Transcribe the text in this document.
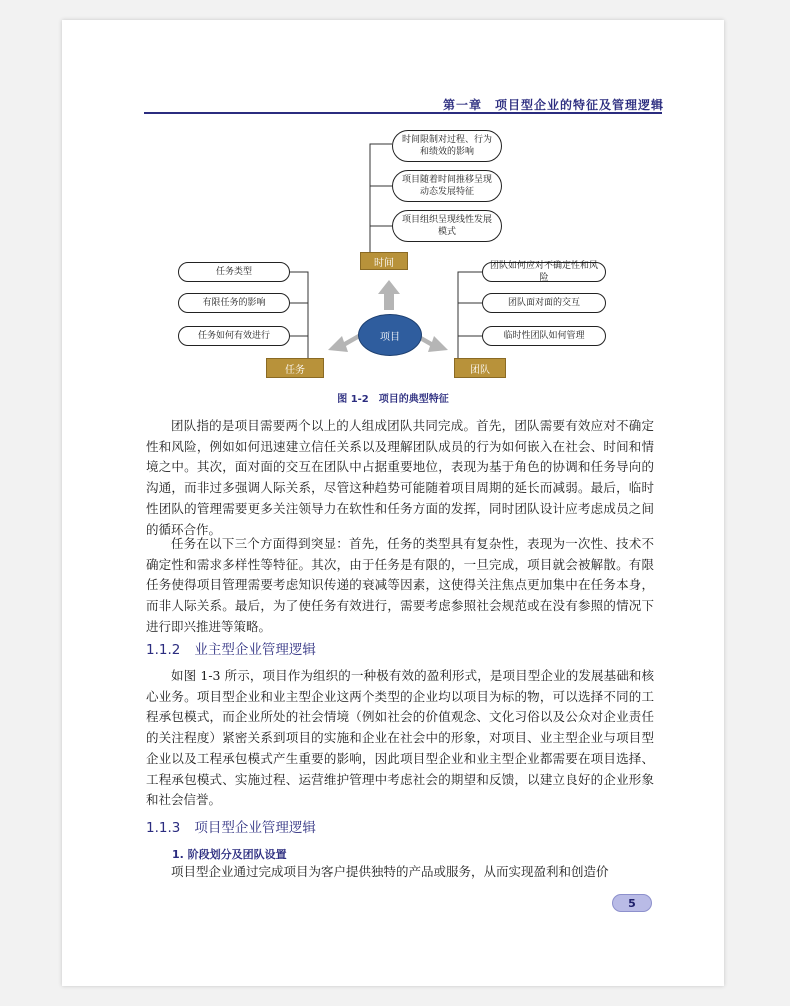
第一章　项目型企业的特征及管理逻辑
时间限制对过程、行为和绩效的影响
项目随着时间推移呈现动态发展特征
项目组织呈现线性发展模式
时间
任务类型
有限任务的影响
任务如何有效进行
任务
团队如何应对不确定性和风险
团队面对面的交互
临时性团队如何管理
团队
项目
图 1-2　项目的典型特征

团队指的是项目需要两个以上的人组成团队共同完成。首先，团队需要有效应对不确定性和风险，例如如何迅速建立信任关系以及理解团队成员的行为如何嵌入在社会、时间和情境之中。其次，面对面的交互在团队中占据重要地位，表现为基于角色的协调和任务导向的沟通，而非过多强调人际关系，尽管这种趋势可能随着项目周期的延长而减弱。最后，临时性团队的管理需要更多关注领导力在软性和任务方面的发挥，同时团队设计应考虑成员之间的循环合作。

任务在以下三个方面得到突显：首先，任务的类型具有复杂性，表现为一次性、技术不确定性和需求多样性等特征。其次，由于任务是有限的，一旦完成，项目就会被解散。有限任务使得项目管理需要考虑知识传递的衰减等因素，这使得关注焦点更加集中在任务本身，而非人际关系。最后，为了使任务有效进行，需要考虑参照社会规范或在没有参照的情况下进行即兴推进等策略。

1.1.2 业主型企业管理逻辑

如图 1-3 所示，项目作为组织的一种极有效的盈利形式，是项目型企业的发展基础和核心业务。项目型企业和业主型企业这两个类型的企业均以项目为标的物，可以选择不同的工程承包模式，而企业所处的社会情境（例如社会的价值观念、文化习俗以及公众对企业责任的关注程度）紧密关系到项目的实施和企业在社会中的形象，对项目、业主型企业与项目型企业以及工程承包模式产生重要的影响，因此项目型企业和业主型企业都需要在项目选择、工程承包模式、实施过程、运营维护管理中考虑社会的期望和反馈，以建立良好的企业形象和社会信誉。

1.1.3 项目型企业管理逻辑
1. 阶段划分及团队设置

项目型企业通过完成项目为客户提供独特的产品或服务，从而实现盈利和创造价

5
